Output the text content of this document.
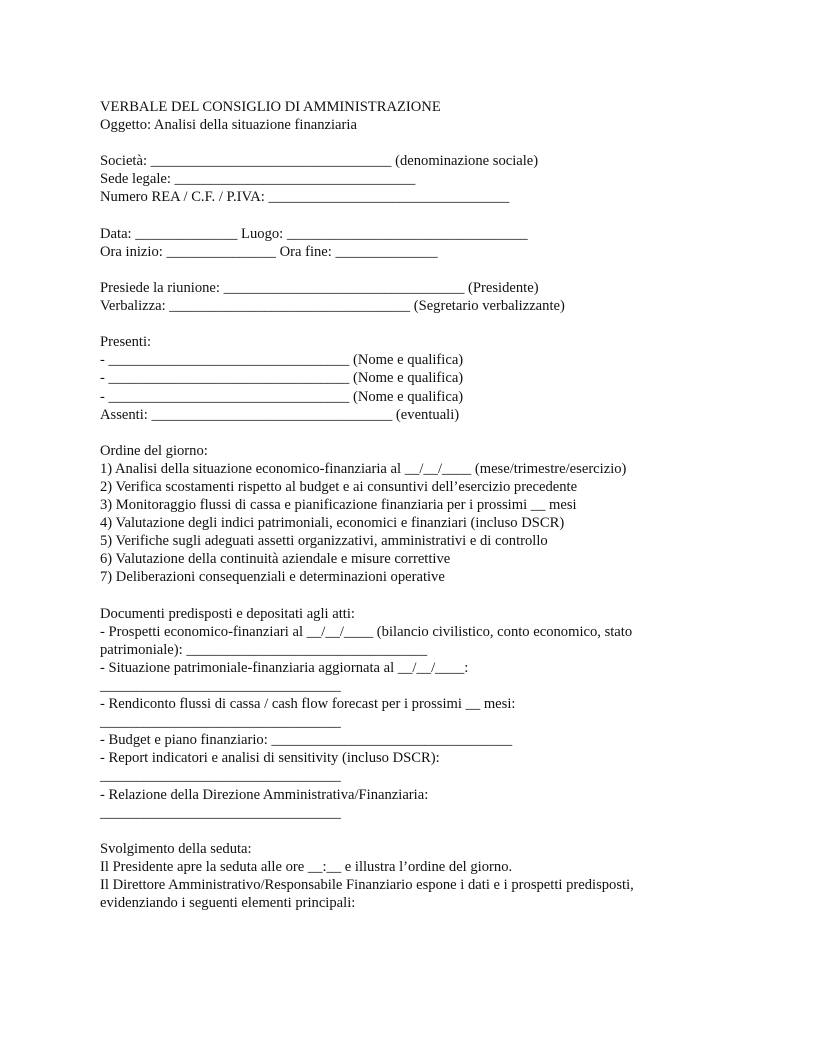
VERBALE DEL CONSIGLIO DI AMMINISTRAZIONE

Oggetto: Analisi della situazione finanziaria

Società: _________________________________ (denominazione sociale)

Sede legale: _________________________________

Numero REA / C.F. / P.IVA: _________________________________

Data: ______________ Luogo: _________________________________

Ora inizio: _______________ Ora fine: ______________

Presiede la riunione: _________________________________ (Presidente)

Verbalizza: _________________________________ (Segretario verbalizzante)

Presenti:

- _________________________________ (Nome e qualifica)

- _________________________________ (Nome e qualifica)

- _________________________________ (Nome e qualifica)

Assenti: _________________________________ (eventuali)

Ordine del giorno:

1) Analisi della situazione economico-finanziaria al __/__/____ (mese/trimestre/esercizio)

2) Verifica scostamenti rispetto al budget e ai consuntivi dell’esercizio precedente

3) Monitoraggio flussi di cassa e pianificazione finanziaria per i prossimi __ mesi

4) Valutazione degli indici patrimoniali, economici e finanziari (incluso DSCR)

5) Verifiche sugli adeguati assetti organizzativi, amministrativi e di controllo

6) Valutazione della continuità aziendale e misure correttive

7) Deliberazioni consequenziali e determinazioni operative

Documenti predisposti e depositati agli atti:

- Prospetti economico-finanziari al __/__/____ (bilancio civilistico, conto economico, stato

patrimoniale): _________________________________

- Situazione patrimoniale-finanziaria aggiornata al __/__/____:

_________________________________

- Rendiconto flussi di cassa / cash flow forecast per i prossimi __ mesi:

_________________________________

- Budget e piano finanziario: _________________________________

- Report indicatori e analisi di sensitivity (incluso DSCR):

_________________________________

- Relazione della Direzione Amministrativa/Finanziaria:

_________________________________

Svolgimento della seduta:

Il Presidente apre la seduta alle ore __:__ e illustra l’ordine del giorno.

Il Direttore Amministrativo/Responsabile Finanziario espone i dati e i prospetti predisposti,

evidenziando i seguenti elementi principali:
